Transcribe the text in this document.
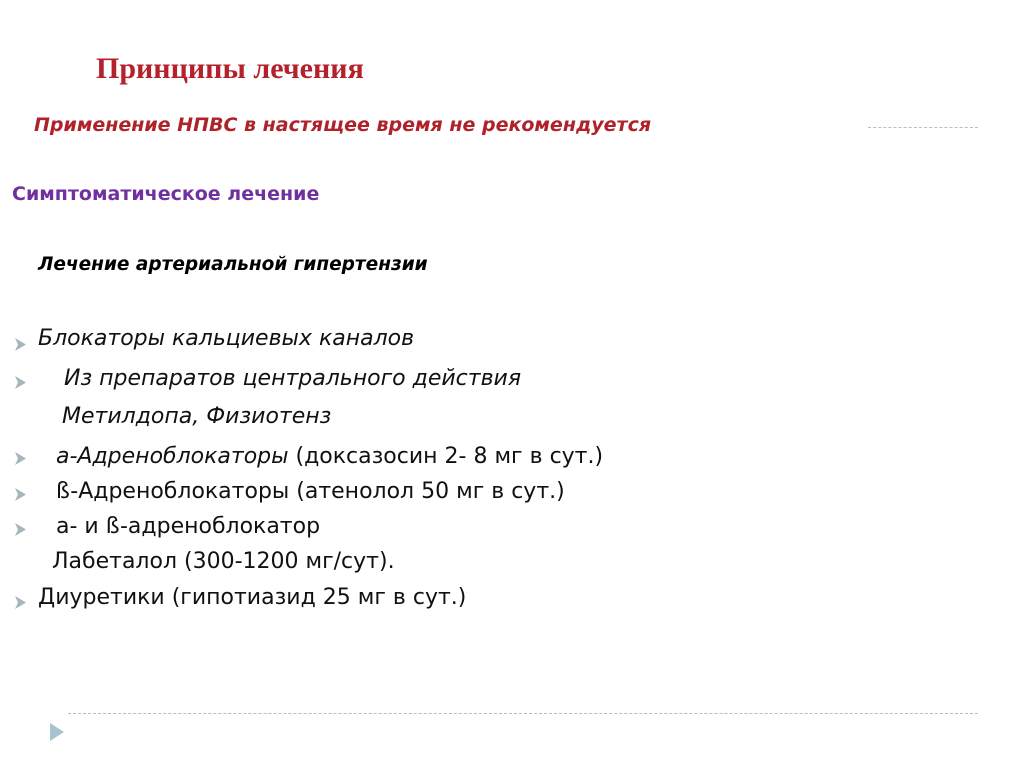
Принципы лечения
Применение НПВС в настящее время не рекомендуется
Симптоматическое лечение
Лечение артериальной гипертензии
Блокаторы кальциевых каналов
Из препаратов центрального действия
Метилдопа, Физиотенз
а-Адреноблокаторы (доксазосин 2- 8 мг в сут.)
ß-Адреноблокаторы (атенолол 50 мг в сут.)
а- и ß-адреноблокатор
Лабеталол (300-1200 мг/сут).
Диуретики (гипотиазид 25 мг в сут.)
